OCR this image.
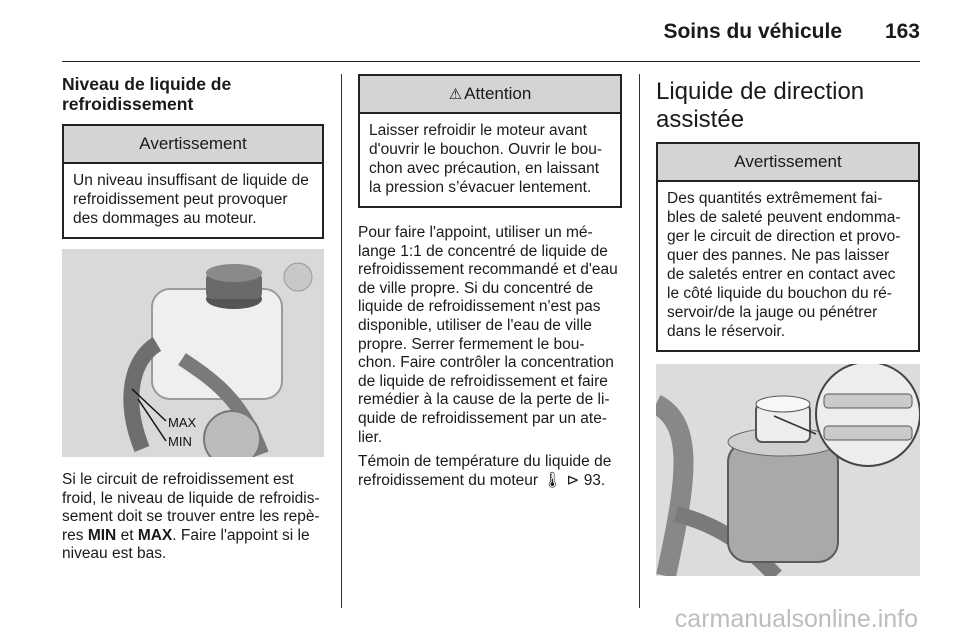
Soins du véhicule 163
Niveau de liquide de refroidissement
Avertissement
Un niveau insuffisant de liquide de refroidissement peut provoquer des dommages au moteur.
MAX
MIN

Si le circuit de refroidissement est froid, le niveau de liquide de refroidis-sement doit se trouver entre les repè-res MIN et MAX. Faire l'appoint si le niveau est bas.

⚠ Attention
Laisser refroidir le moteur avant d'ouvrir le bouchon. Ouvrir le bou-chon avec précaution, en laissant la pression s’évacuer lentement.

Pour faire l'appoint, utiliser un mé-lange 1:1 de concentré de liquide de refroidissement recommandé et d'eau de ville propre. Si du concentré de liquide de refroidissement n'est pas disponible, utiliser de l'eau de ville propre. Serrer fermement le bou-chon. Faire contrôler la concentration de liquide de refroidissement et faire remédier à la cause de la perte de li-quide de refroidissement par un ate-lier.

Témoin de température du liquide de refroidissement du moteur 🌡 ⊳ 93.

Liquide de direction assistée
Avertissement
Des quantités extrêmement fai-bles de saleté peuvent endomma-ger le circuit de direction et provo-quer des pannes. Ne pas laisser de saletés entrer en contact avec le côté liquide du bouchon du ré-servoir/de la jauge ou pénétrer dans le réservoir.
carmanualsonline.info
